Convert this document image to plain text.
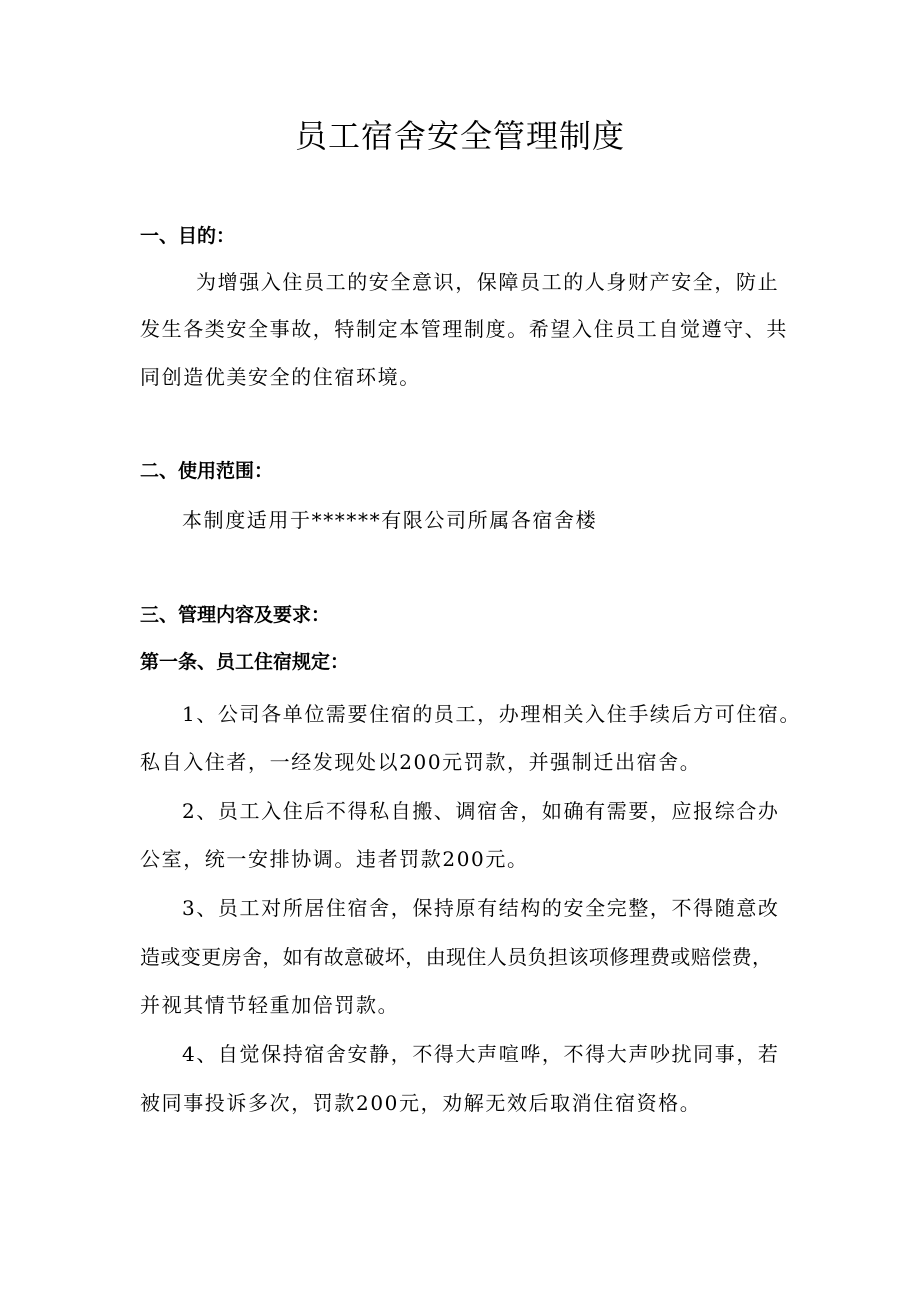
员工宿舍安全管理制度
一、目的：
为增强入住员工的安全意识，保障员工的人身财产安全，防止
发生各类安全事故，特制定本管理制度。希望入住员工自觉遵守、共
同创造优美安全的住宿环境。
二、使用范围：
本制度适用于******有限公司所属各宿舍楼
三、管理内容及要求：
第一条、员工住宿规定：
1、公司各单位需要住宿的员工，办理相关入住手续后方可住宿。
私自入住者，一经发现处以200元罚款，并强制迁出宿舍。
2、员工入住后不得私自搬、调宿舍，如确有需要，应报综合办
公室，统一安排协调。违者罚款200元。
3、员工对所居住宿舍，保持原有结构的安全完整，不得随意改
造或变更房舍，如有故意破坏，由现住人员负担该项修理费或赔偿费，
并视其情节轻重加倍罚款。
4、自觉保持宿舍安静，不得大声喧哗，不得大声吵扰同事，若
被同事投诉多次，罚款200元，劝解无效后取消住宿资格。
